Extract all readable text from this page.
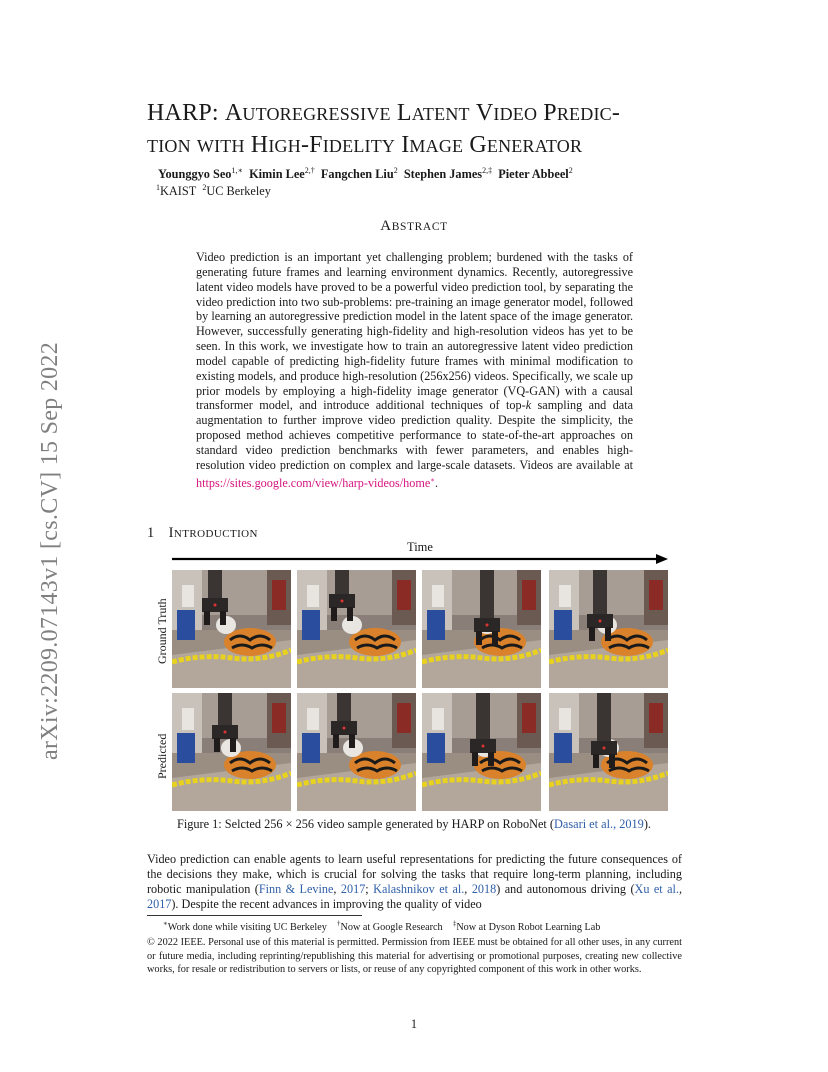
arXiv:2209.07143v1 [cs.CV] 15 Sep 2022
HARP: AUTOREGRESSIVE LATENT VIDEO PREDIC-
TION WITH HIGH-FIDELITY IMAGE GENERATOR
Younggyo Seo$^{1,∗}$ Kimin Lee$^{2,\dagger}$ Fangchen Liu$^2$ Stephen James$^{2,\ddagger}$ Pieter Abbeel$^2$
$^1$KAIST $^2$UC Berkeley
ABSTRACT
Video prediction is an important yet challenging problem; burdened with the tasks of generating future frames and learning environment dynamics. Recently, autoregressive latent video models have proved to be a powerful video prediction tool, by separating the video prediction into two sub-problems: pre-training an image generator model, followed by learning an autoregressive prediction model in the latent space of the image generator. However, successfully generating high-fidelity and high-resolution videos has yet to be seen. In this work, we investigate how to train an autoregressive latent video prediction model capable of predicting high-fidelity future frames with minimal modification to existing models, and produce high-resolution (256x256) videos. Specifically, we scale up prior models by employing a high-fidelity image generator (VQ-GAN) with a causal transformer model, and introduce additional techniques of top-k sampling and data augmentation to further improve video prediction quality. Despite the simplicity, the proposed method achieves competitive performance to state-of-the-art approaches on standard video prediction benchmarks with fewer parameters, and enables high-resolution video prediction on complex and large-scale datasets. Videos are available at https://sites.google.com/view/harp-videos/home∗.
1 INTRODUCTION
Time
Ground Truth
Predicted
Figure 1: Selcted 256 × 256 video sample generated by HARP on RoboNet (Dasari et al., 2019).
Video prediction can enable agents to learn useful representations for predicting the future consequences of the decisions they make, which is crucial for solving the tasks that require long-term planning, including robotic manipulation (Finn & Levine, 2017; Kalashnikov et al., 2018) and autonomous driving (Xu et al., 2017). Despite the recent advances in improving the quality of video
∗Work done while visiting UC Berkeley †Now at Google Research ‡Now at Dyson Robot Learning Lab
© 2022 IEEE. Personal use of this material is permitted. Permission from IEEE must be obtained for all other uses, in any current or future media, including reprinting/republishing this material for advertising or promotional purposes, creating new collective works, for resale or redistribution to servers or lists, or reuse of any copyrighted component of this work in other works.
1
